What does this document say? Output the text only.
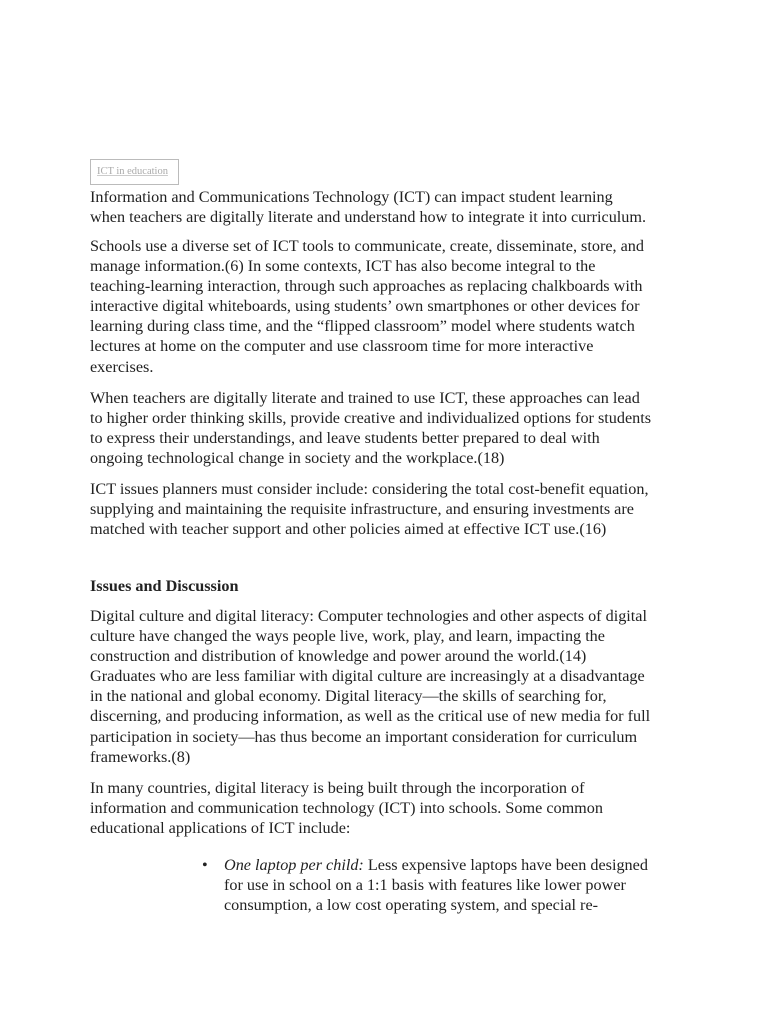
ICT in education
Information and Communications Technology (ICT) can impact student learning
when teachers are digitally literate and understand how to integrate it into curriculum.
Schools use a diverse set of ICT tools to communicate, create, disseminate, store, and
manage information.(6) In some contexts, ICT has also become integral to the
teaching-learning interaction, through such approaches as replacing chalkboards with
interactive digital whiteboards, using students’ own smartphones or other devices for
learning during class time, and the “flipped classroom” model where students watch
lectures at home on the computer and use classroom time for more interactive
exercises.
When teachers are digitally literate and trained to use ICT, these approaches can lead
to higher order thinking skills, provide creative and individualized options for students
to express their understandings, and leave students better prepared to deal with
ongoing technological change in society and the workplace.(18)
ICT issues planners must consider include: considering the total cost-benefit equation,
supplying and maintaining the requisite infrastructure, and ensuring investments are
matched with teacher support and other policies aimed at effective ICT use.(16)
Issues and Discussion
Digital culture and digital literacy: Computer technologies and other aspects of digital
culture have changed the ways people live, work, play, and learn, impacting the
construction and distribution of knowledge and power around the world.(14)
Graduates who are less familiar with digital culture are increasingly at a disadvantage
in the national and global economy. Digital literacy—the skills of searching for,
discerning, and producing information, as well as the critical use of new media for full
participation in society—has thus become an important consideration for curriculum
frameworks.(8)
In many countries, digital literacy is being built through the incorporation of
information and communication technology (ICT) into schools. Some common
educational applications of ICT include:
• One laptop per child: Less expensive laptops have been designed
for use in school on a 1:1 basis with features like lower power
consumption, a low cost operating system, and special re-
